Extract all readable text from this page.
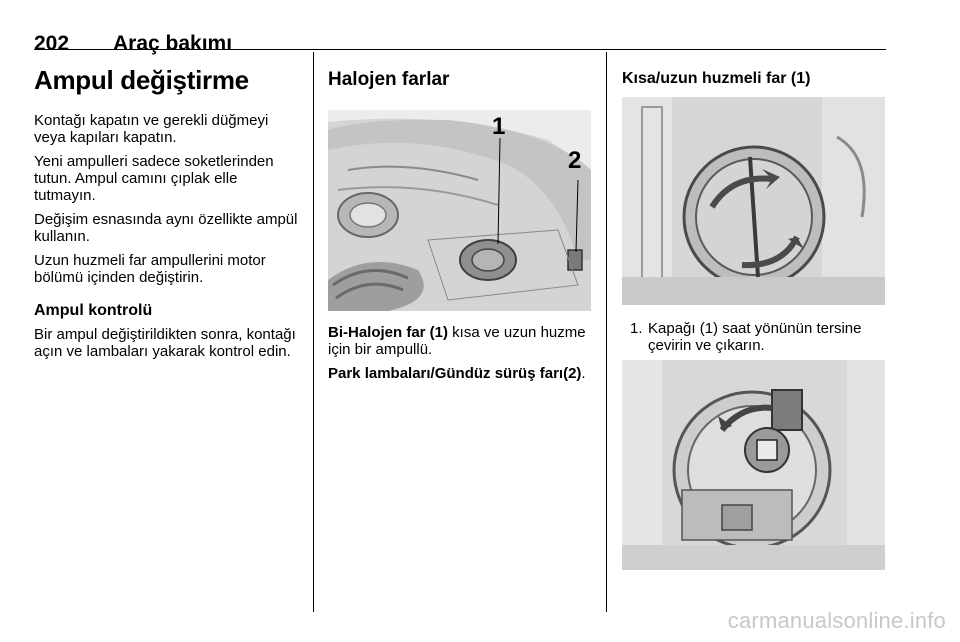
202 Araç bakımı
Ampul değiştirme
Kontağı kapatın ve gerekli düğmeyi veya kapıları kapatın.
Yeni ampulleri sadece soketlerinden tutun. Ampul camını çıplak elle tutmayın.
Değişim esnasında aynı özellikte ampül kullanın.
Uzun huzmeli far ampullerini motor bölümü içinden değiştirin.
Ampul kontrolü
Bir ampul değiştirildikten sonra, kontağı açın ve lambaları yakarak kontrol edin.
Halojen farlar
1
2
Bi-Halojen far (1) kısa ve uzun huzme için bir ampullü.
Park lambaları/Gündüz sürüş farı(2).
Kısa/uzun huzmeli far (1)
1. Kapağı (1) saat yönünün tersine çevirin ve çıkarın.
carmanualsonline.info
